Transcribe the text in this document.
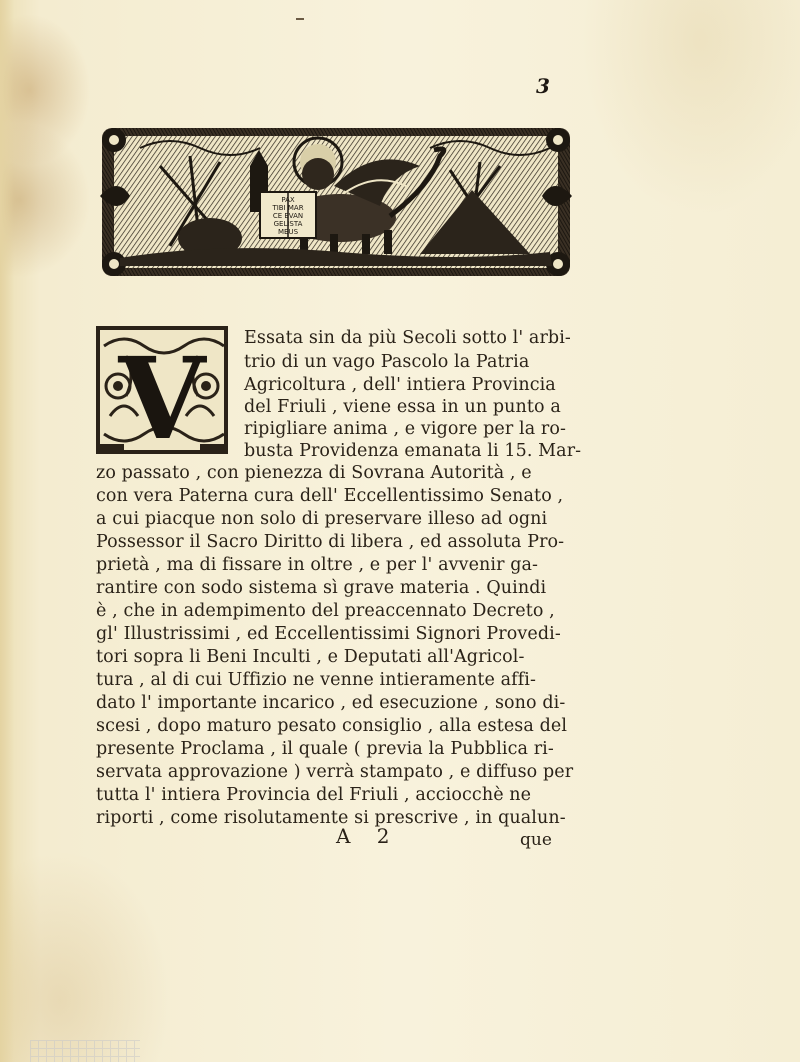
3
PAX
TIBI MAR
CE EVAN
GELISTA
MEUS
V Essata sin da più Secoli sotto l' arbi-
trio di un vago Pascolo la Patria
Agricoltura , dell' intiera Provincia
del Friuli , viene essa in un punto a
ripigliare anima , e vigore per la ro-
busta Providenza emanata li 15. Mar-
zo passato , con pienezza di Sovrana Autorità , e
con vera Paterna cura dell' Eccellentissimo Senato ,
a cui piacque non solo di preservare illeso ad ogni
Possessor il Sacro Diritto di libera , ed assoluta Pro-
prietà , ma di fissare in oltre , e per l' avvenir ga-
rantire con sodo sistema sì grave materia . Quindi
è , che in adempimento del preaccennato Decreto ,
gl' Illustrissimi , ed Eccellentissimi Signori Provedi-
tori sopra li Beni Inculti , e Deputati all'Agricol-
tura , al di cui Uffizio ne venne intieramente affi-
dato l' importante incarico , ed esecuzione , sono di-
scesi , dopo maturo pesato consiglio , alla estesa del
presente Proclama , il quale ( previa la Pubblica ri-
servata approvazione ) verrà stampato , e diffuso per
tutta l' intiera Provincia del Friuli , acciocchè ne
riporti , come risolutamente si prescrive , in qualun-
A 2	que
